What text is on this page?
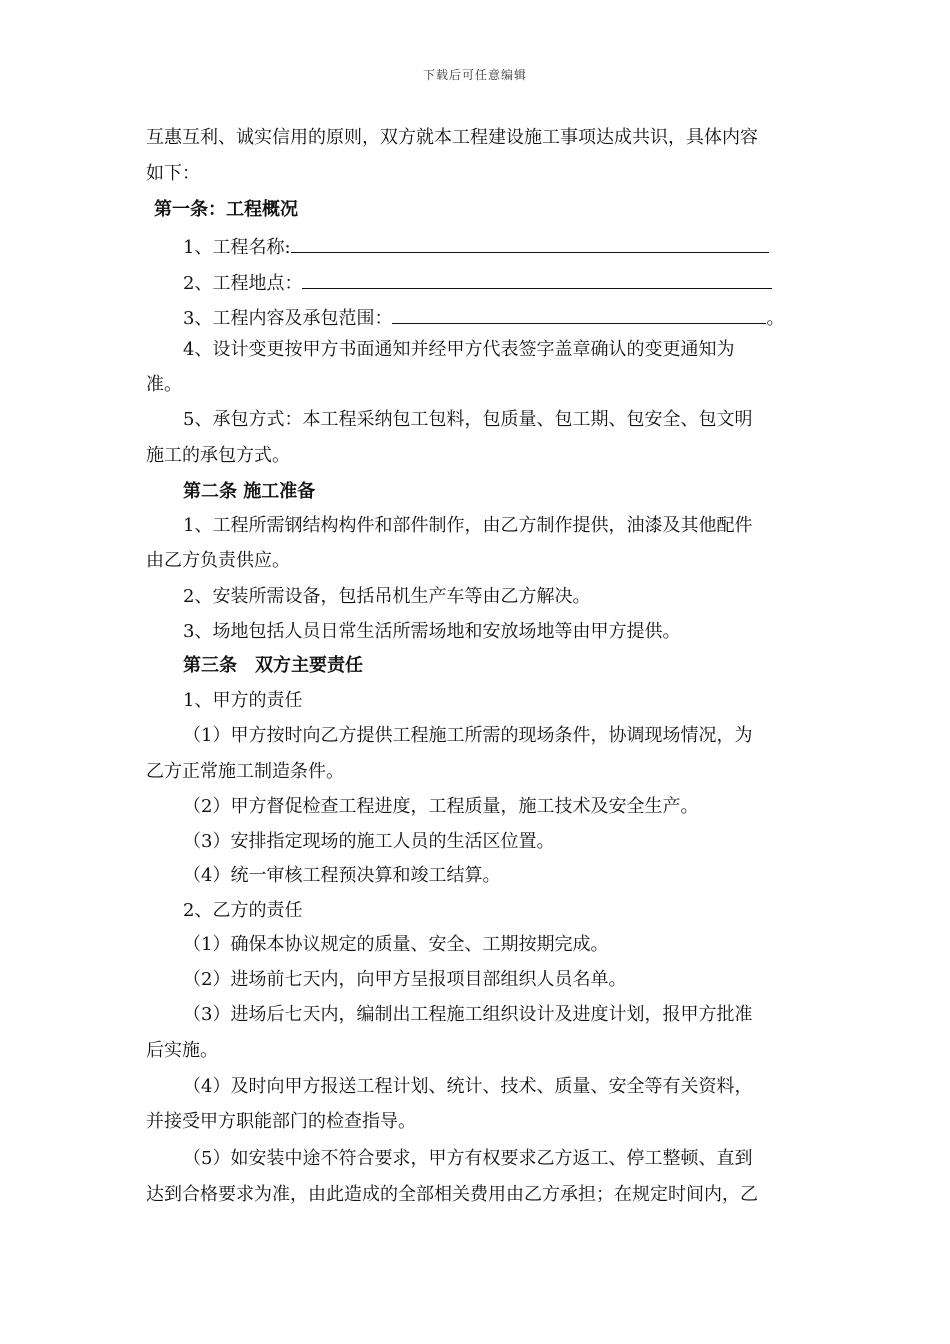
下载后可任意编辑
互惠互利、诚实信用的原则，双方就本工程建设施工事项达成共识，具体内容
如下：
第一条：工程概况
1、工程名称:
2、工程地点：
3、工程内容及承包范围：	。
4、设计变更按甲方书面通知并经甲方代表签字盖章确认的变更通知为
准。
5、承包方式：本工程采纳包工包料，包质量、包工期、包安全、包文明
施工的承包方式。
第二条 施工准备
1、工程所需钢结构构件和部件制作，由乙方制作提供，油漆及其他配件
由乙方负责供应。
2、安装所需设备，包括吊机生产车等由乙方解决。
3、场地包括人员日常生活所需场地和安放场地等由甲方提供。
第三条　双方主要责任
1、甲方的责任
（1）甲方按时向乙方提供工程施工所需的现场条件，协调现场情况，为
乙方正常施工制造条件。
（2）甲方督促检查工程进度，工程质量，施工技术及安全生产。
（3）安排指定现场的施工人员的生活区位置。
（4）统一审核工程预决算和竣工结算。
2、乙方的责任
（1）确保本协议规定的质量、安全、工期按期完成。
（2）进场前七天内，向甲方呈报项目部组织人员名单。
（3）进场后七天内，编制出工程施工组织设计及进度计划，报甲方批准
后实施。
（4）及时向甲方报送工程计划、统计、技术、质量、安全等有关资料，
并接受甲方职能部门的检查指导。
（5）如安装中途不符合要求，甲方有权要求乙方返工、停工整顿、直到
达到合格要求为准，由此造成的全部相关费用由乙方承担；在规定时间内，乙
